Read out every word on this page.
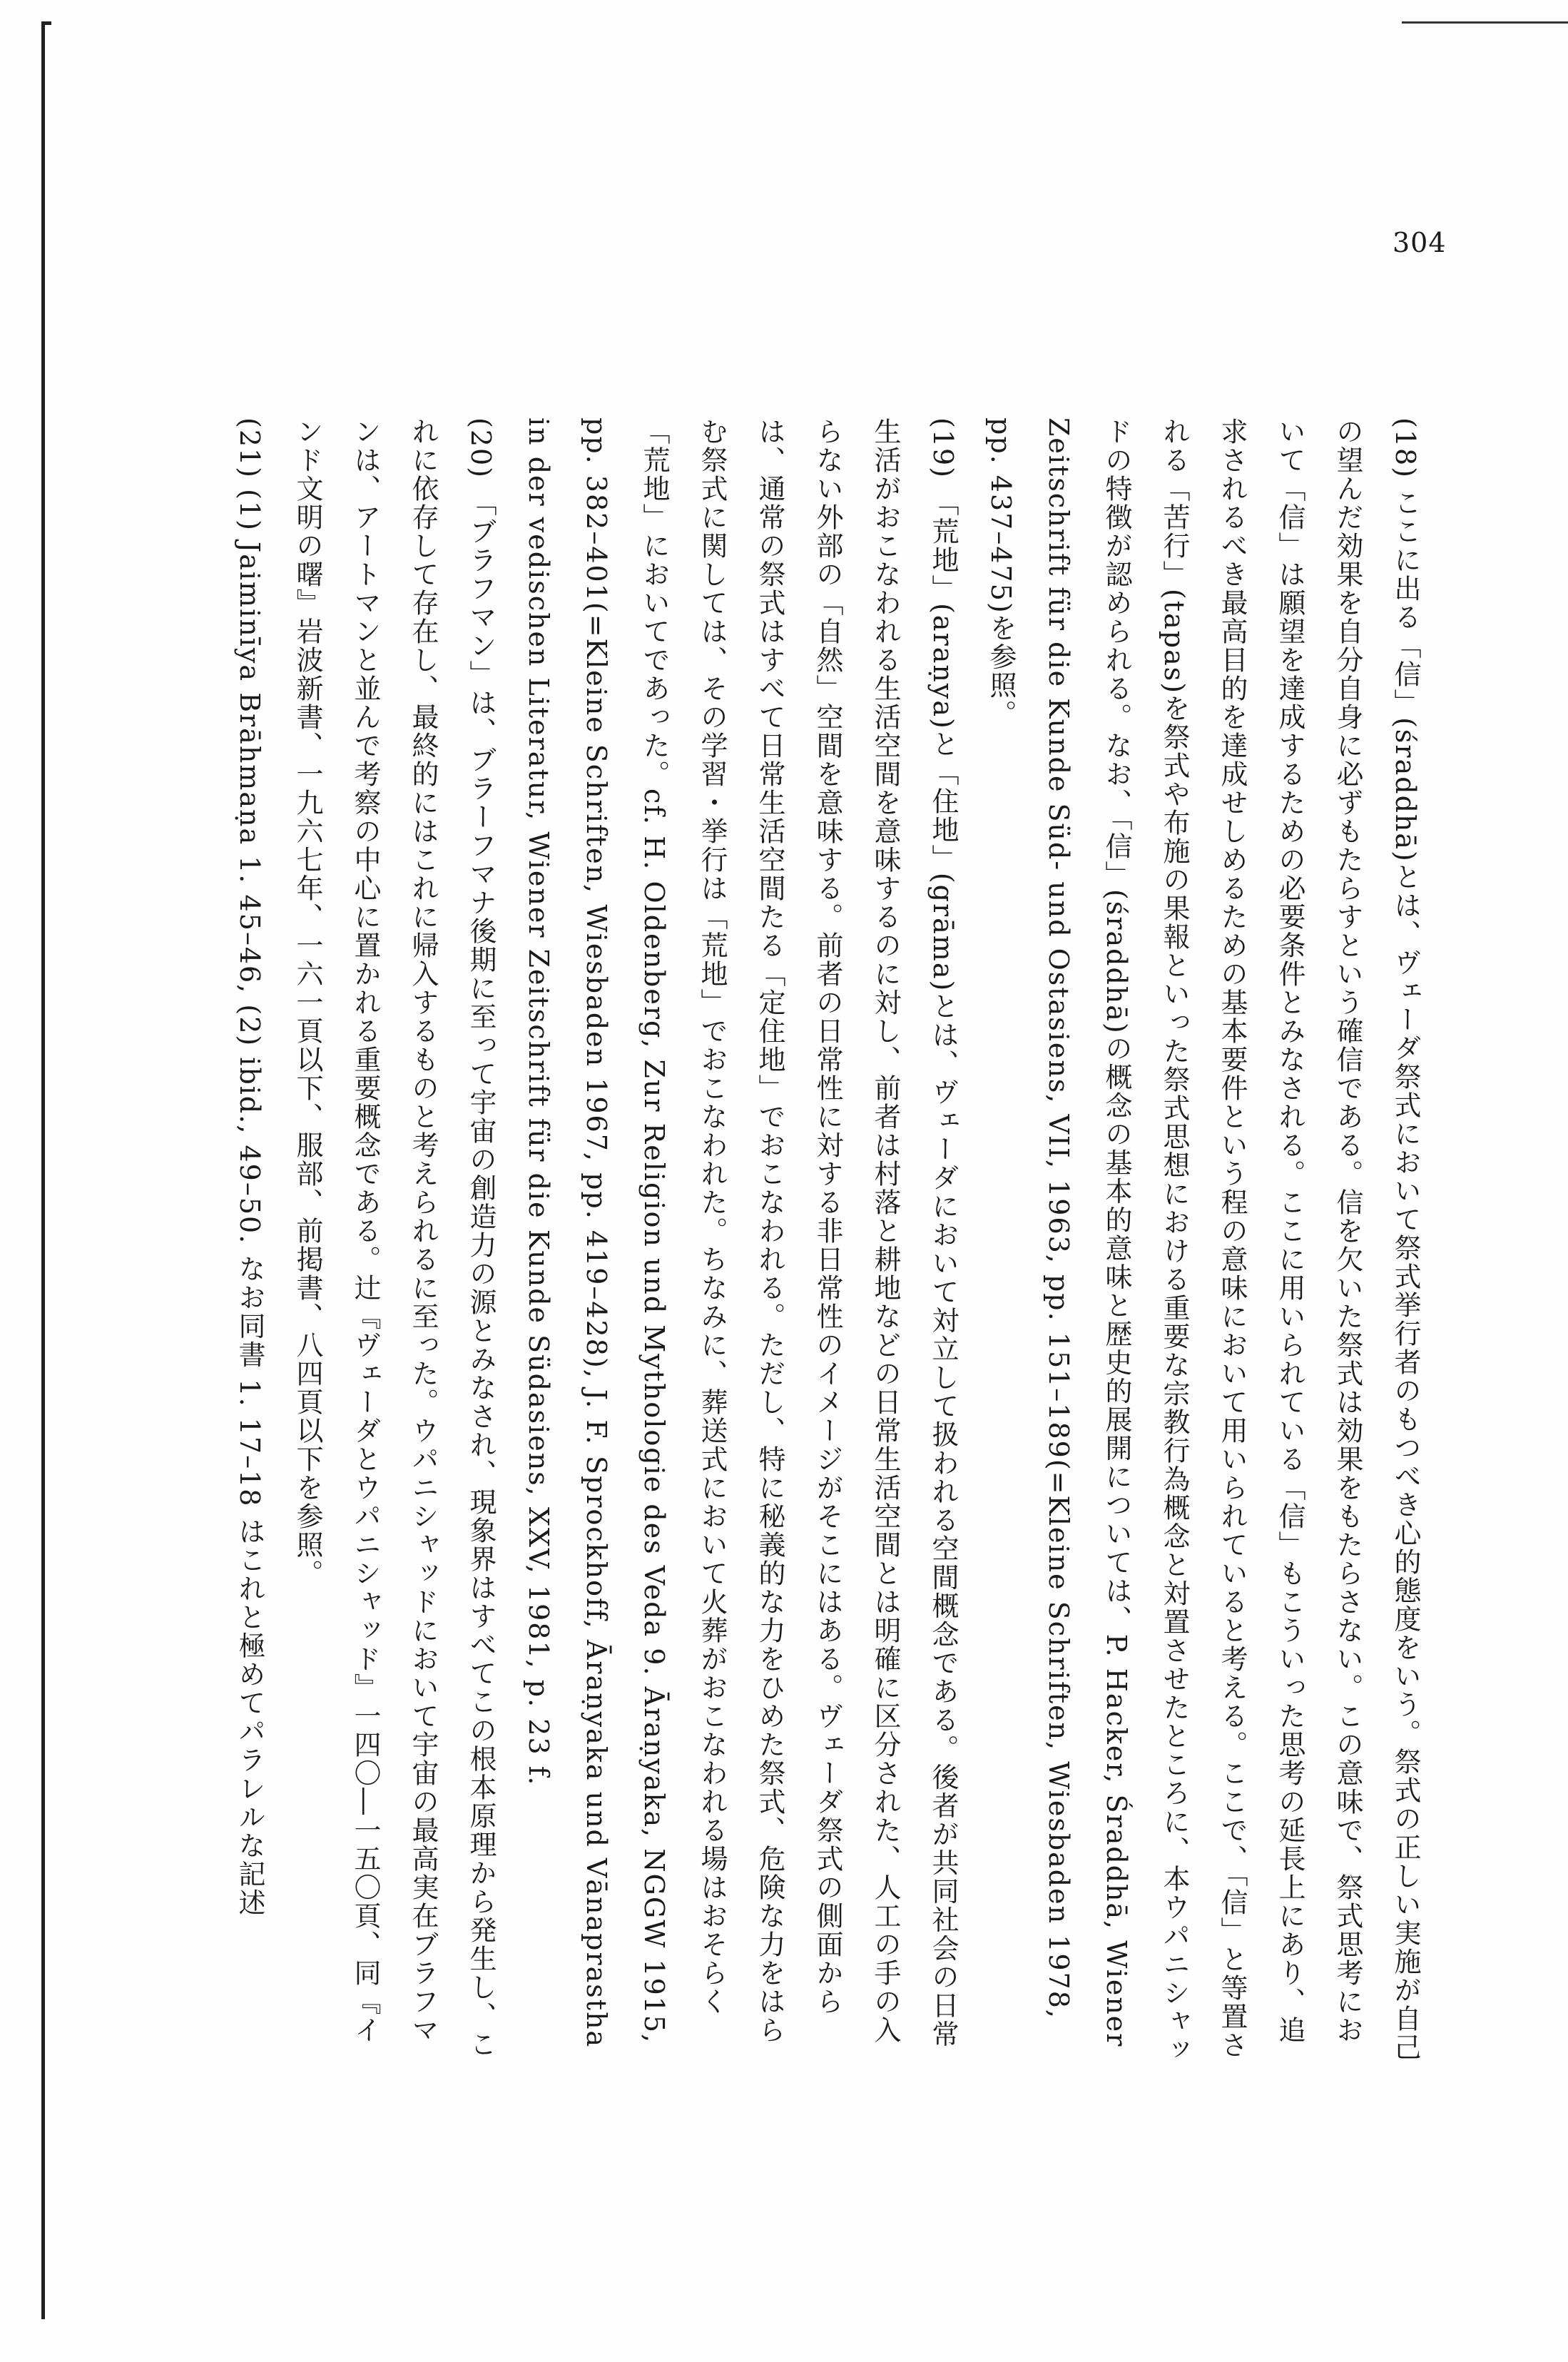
304
(18) ここに出る「信」(śraddhā)とは、ヴェーダ祭式において祭式挙行者のもつべき心的態度をいう。祭式の正しい実施が自己の望んだ効果を自分自身に必ずもたらすという確信である。信を欠いた祭式は効果をもたらさない。この意味で、祭式思考において「信」は願望を達成するための必要条件とみなされる。ここに用いられている「信」もこういった思考の延長上にあり、追求されるべき最高目的を達成せしめるための基本要件という程の意味において用いられていると考える。ここで、「信」と等置される「苦行」(tapas)を祭式や布施の果報といった祭式思想における重要な宗教行為概念と対置させたところに、本ウパニシャッドの特徴が認められる。なお、「信」(śraddhā)の概念の基本的意味と歴史的展開については、P. Hacker, Śraddhā, Wiener Zeitschrift für die Kunde Süd- und Ostasiens, VII, 1963, pp. 151–189(=Kleine Schriften, Wiesbaden 1978, pp. 437–475)を参照。
(19) 「荒地」(araṇya)と「住地」(grāma)とは、ヴェーダにおいて対立して扱われる空間概念である。後者が共同社会の日常生活がおこなわれる生活空間を意味するのに対し、前者は村落と耕地などの日常生活空間とは明確に区分された、人工の手の入らない外部の「自然」空間を意味する。前者の日常性に対する非日常性のイメージがそこにはある。ヴェーダ祭式の側面からは、通常の祭式はすべて日常生活空間たる「定住地」でおこなわれる。ただし、特に秘義的な力をひめた祭式、危険な力をはらむ祭式に関しては、その学習・挙行は「荒地」でおこなわれた。ちなみに、葬送式において火葬がおこなわれる場はおそらく「荒地」においてであった。cf. H. Oldenberg, Zur Religion und Mythologie des Veda 9. Āraṇyaka, NGGW 1915, pp. 382–401(=Kleine Schriften, Wiesbaden 1967, pp. 419–428), J. F. Sprockhoff, Āraṇyaka und Vānaprastha in der vedischen Literatur, Wiener Zeitschrift für die Kunde Südasiens, XXV, 1981, p. 23 f.
(20) 「ブラフマン」は、ブラーフマナ後期に至って宇宙の創造力の源とみなされ、現象界はすべてこの根本原理から発生し、これに依存して存在し、最終的にはこれに帰入するものと考えられるに至った。ウパニシャッドにおいて宇宙の最高実在ブラフマンは、アートマンと並んで考察の中心に置かれる重要概念である。辻『ヴェーダとウパニシャッド』一四〇―一五〇頁、同『インド文明の曙』岩波新書、一九六七年、一六一頁以下、服部、前掲書、八四頁以下を参照。
(21) (1) Jaiminīya Brāhmaṇa 1. 45–46, (2) ibid., 49–50. なお同書 1. 17–18 はこれと極めてパラレルな記述
